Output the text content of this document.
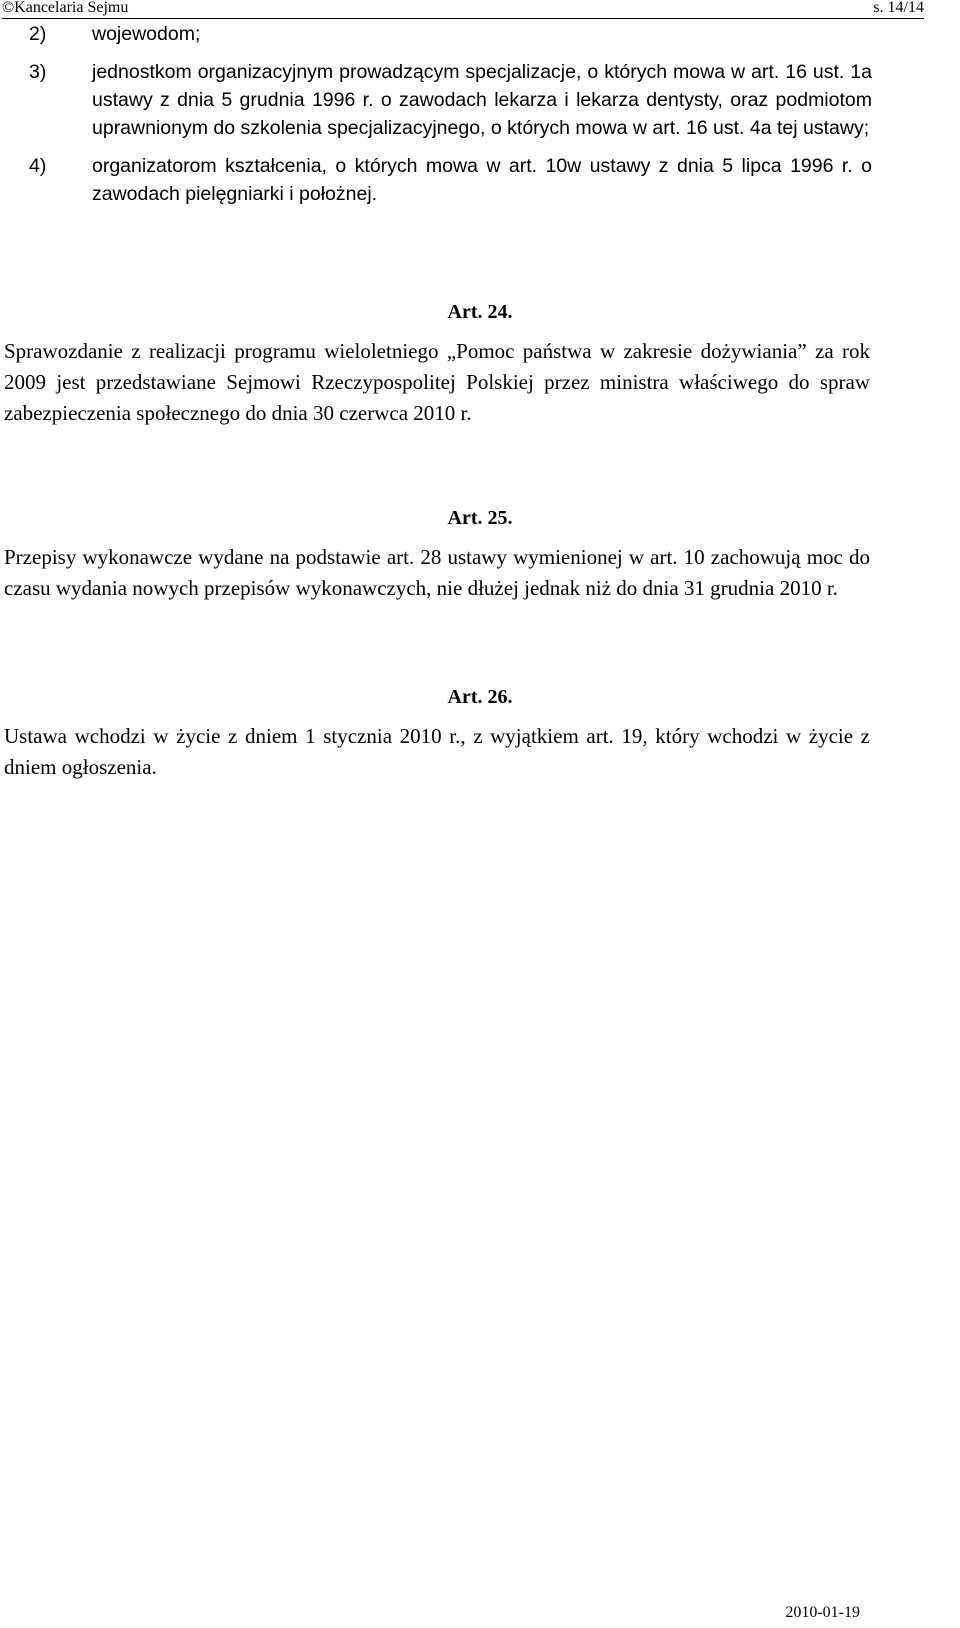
©Kancelaria Sejmu	s. 14/14
2) wojewodom;
3) jednostkom organizacyjnym prowadzącym specjalizacje, o których mowa w art. 16 ust. 1a ustawy z dnia 5 grudnia 1996 r. o zawodach lekarza i lekarza dentysty, oraz podmiotom uprawnionym do szkolenia specjalizacyjnego, o których mowa w art. 16 ust. 4a tej ustawy;
4) organizatorom kształcenia, o których mowa w art. 10w ustawy z dnia 5 lipca 1996 r. o zawodach pielęgniarki i położnej.
Art. 24.
Sprawozdanie z realizacji programu wieloletniego „Pomoc państwa w zakresie dożywiania” za rok 2009 jest przedstawiane Sejmowi Rzeczypospolitej Polskiej przez ministra właściwego do spraw zabezpieczenia społecznego do dnia 30 czerwca 2010 r.
Art. 25.
Przepisy wykonawcze wydane na podstawie art. 28 ustawy wymienionej w art. 10 zachowują moc do czasu wydania nowych przepisów wykonawczych, nie dłużej jednak niż do dnia 31 grudnia 2010 r.
Art. 26.
Ustawa wchodzi w życie z dniem 1 stycznia 2010 r., z wyjątkiem art. 19, który wchodzi w życie z dniem ogłoszenia.
2010-01-19
